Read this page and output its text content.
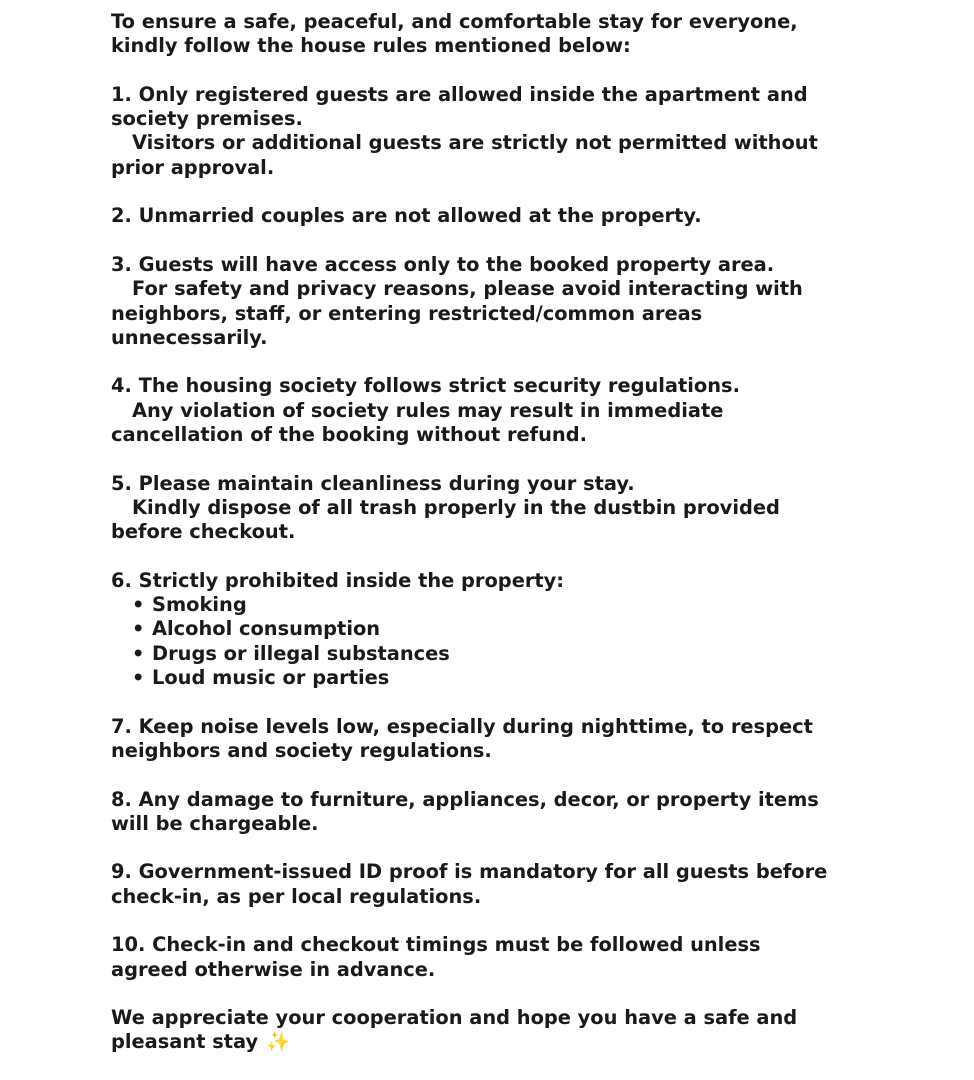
To ensure a safe, peaceful, and comfortable stay for everyone,

kindly follow the house rules mentioned below:

1. Only registered guests are allowed inside the apartment and

society premises.

Visitors or additional guests are strictly not permitted without

prior approval.

2. Unmarried couples are not allowed at the property.

3. Guests will have access only to the booked property area.

For safety and privacy reasons, please avoid interacting with

neighbors, staff, or entering restricted/common areas

unnecessarily.

4. The housing society follows strict security regulations.

Any violation of society rules may result in immediate

cancellation of the booking without refund.

5. Please maintain cleanliness during your stay.

Kindly dispose of all trash properly in the dustbin provided

before checkout.

6. Strictly prohibited inside the property:

• Smoking
• Alcohol consumption
• Drugs or illegal substances
• Loud music or parties

7. Keep noise levels low, especially during nighttime, to respect

neighbors and society regulations.

8. Any damage to furniture, appliances, decor, or property items

will be chargeable.

9. Government-issued ID proof is mandatory for all guests before

check-in, as per local regulations.

10. Check-in and checkout timings must be followed unless

agreed otherwise in advance.

We appreciate your cooperation and hope you have a safe and

pleasant stay ✨
